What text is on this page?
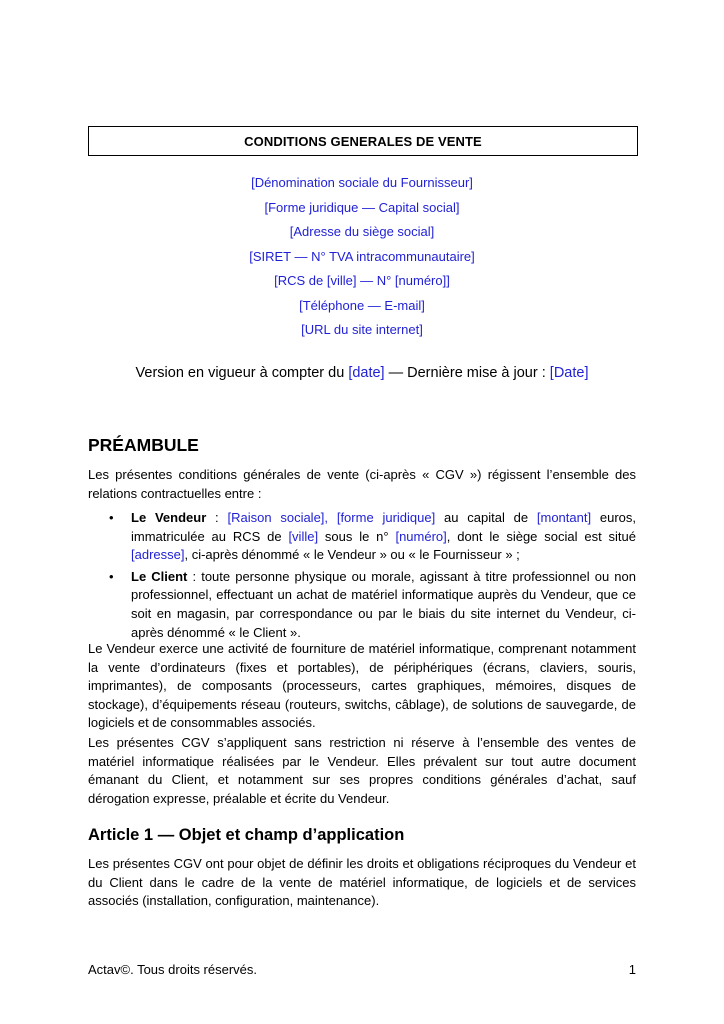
CONDITIONS GENERALES DE VENTE
[Dénomination sociale du Fournisseur]
[Forme juridique — Capital social]
[Adresse du siège social]
[SIRET — N° TVA intracommunautaire]
[RCS de [ville] — N° [numéro]]
[Téléphone — E-mail]
[URL du site internet]
Version en vigueur à compter du [date] — Dernière mise à jour : [Date]
PRÉAMBULE

Les présentes conditions générales de vente (ci-après « CGV ») régissent l’ensemble des relations contractuelles entre :

• Le Vendeur : [Raison sociale], [forme juridique] au capital de [montant] euros, immatriculée au RCS de [ville] sous le n° [numéro], dont le siège social est situé [adresse], ci-après dénommé « le Vendeur » ou « le Fournisseur » ;
• Le Client : toute personne physique ou morale, agissant à titre professionnel ou non professionnel, effectuant un achat de matériel informatique auprès du Vendeur, que ce soit en magasin, par correspondance ou par le biais du site internet du Vendeur, ci-après dénommé « le Client ».

Le Vendeur exerce une activité de fourniture de matériel informatique, comprenant notamment la vente d’ordinateurs (fixes et portables), de périphériques (écrans, claviers, souris, imprimantes), de composants (processeurs, cartes graphiques, mémoires, disques de stockage), d’équipements réseau (routeurs, switchs, câblage), de solutions de sauvegarde, de logiciels et de consommables associés.

Les présentes CGV s’appliquent sans restriction ni réserve à l’ensemble des ventes de matériel informatique réalisées par le Vendeur. Elles prévalent sur tout autre document émanant du Client, et notamment sur ses propres conditions générales d’achat, sauf dérogation expresse, préalable et écrite du Vendeur.

Article 1 — Objet et champ d’application

Les présentes CGV ont pour objet de définir les droits et obligations réciproques du Vendeur et du Client dans le cadre de la vente de matériel informatique, de logiciels et de services associés (installation, configuration, maintenance).

Actav©. Tous droits réservés.	1
